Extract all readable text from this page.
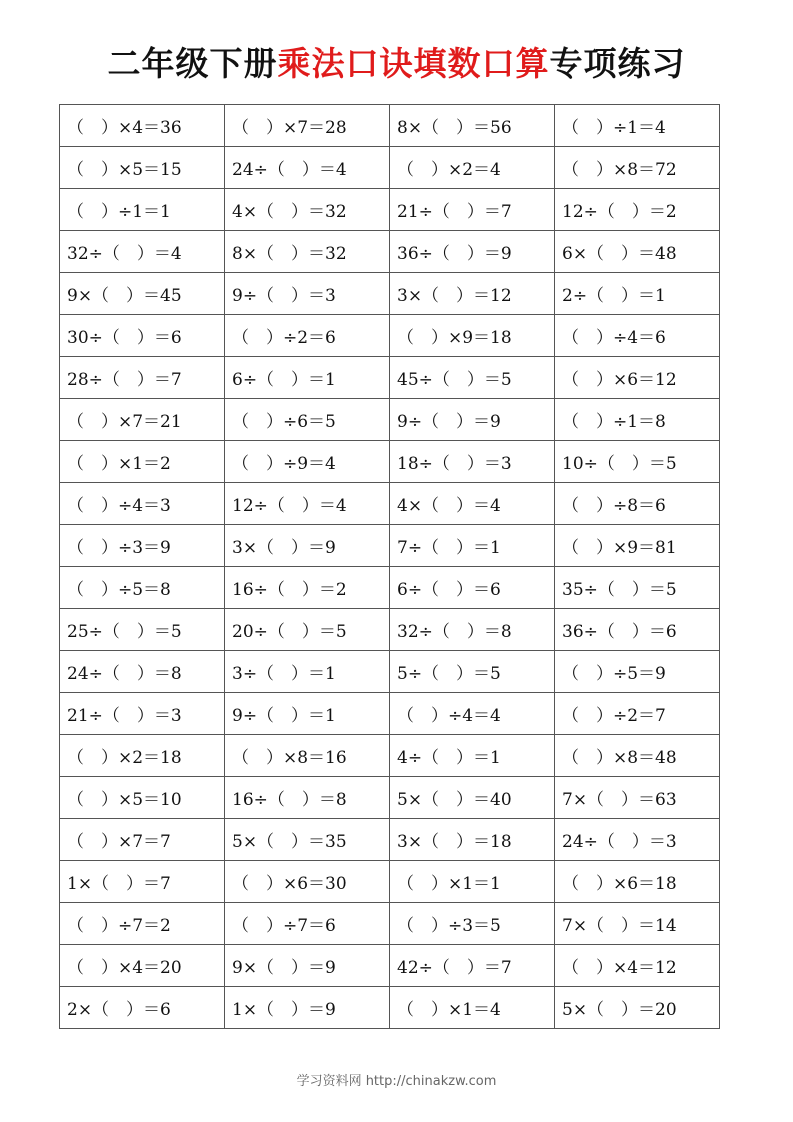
二年级下册乘法口诀填数口算专项练习
（　）×4＝36	（　）×7＝28	8×（　）＝56	（　）÷1＝4
（　）×5＝15	24÷（　）＝4	（　）×2＝4	（　）×8＝72
（　）÷1＝1	4×（　）＝32	21÷（　）＝7	12÷（　）＝2
32÷（　）＝4	8×（　）＝32	36÷（　）＝9	6×（　）＝48
9×（　）＝45	9÷（　）＝3	3×（　）＝12	2÷（　）＝1
30÷（　）＝6	（　）÷2＝6	（　）×9＝18	（　）÷4＝6
28÷（　）＝7	6÷（　）＝1	45÷（　）＝5	（　）×6＝12
（　）×7＝21	（　）÷6＝5	9÷（　）＝9	（　）÷1＝8
（　）×1＝2	（　）÷9＝4	18÷（　）＝3	10÷（　）＝5
（　）÷4＝3	12÷（　）＝4	4×（　）＝4	（　）÷8＝6
（　）÷3＝9	3×（　）＝9	7÷（　）＝1	（　）×9＝81
（　）÷5＝8	16÷（　）＝2	6÷（　）＝6	35÷（　）＝5
25÷（　）＝5	20÷（　）＝5	32÷（　）＝8	36÷（　）＝6
24÷（　）＝8	3÷（　）＝1	5÷（　）＝5	（　）÷5＝9
21÷（　）＝3	9÷（　）＝1	（　）÷4＝4	（　）÷2＝7
（　）×2＝18	（　）×8＝16	4÷（　）＝1	（　）×8＝48
（　）×5＝10	16÷（　）＝8	5×（　）＝40	7×（　）＝63
（　）×7＝7	5×（　）＝35	3×（　）＝18	24÷（　）＝3
1×（　）＝7	（　）×6＝30	（　）×1＝1	（　）×6＝18
（　）÷7＝2	（　）÷7＝6	（　）÷3＝5	7×（　）＝14
（　）×4＝20	9×（　）＝9	42÷（　）＝7	（　）×4＝12
2×（　）＝6	1×（　）＝9	（　）×1＝4	5×（　）＝20
学习资料网 http://chinakzw.com
